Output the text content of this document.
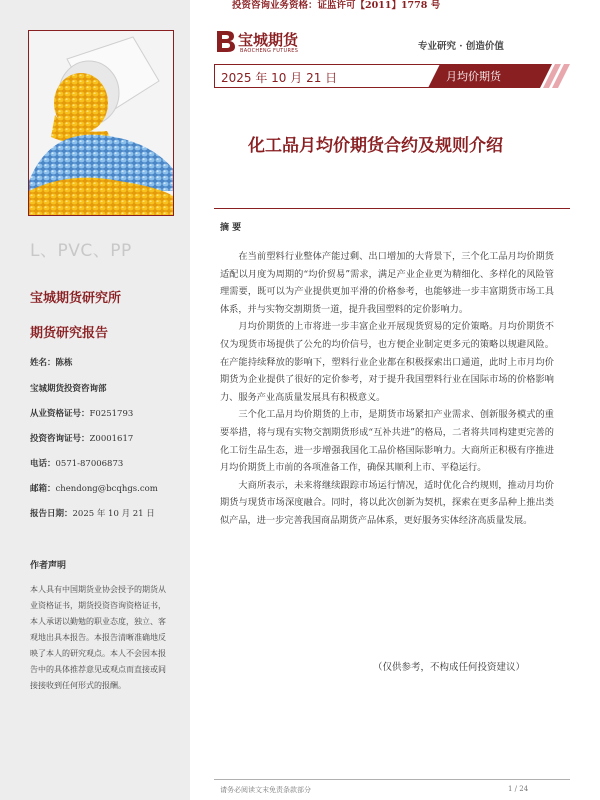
L、PVC、PP
宝城期货研究所
期货研究报告
姓名：陈栋
宝城期货投资咨询部
从业资格证号：F0251793
投资咨询证号：Z0001617
电话：0571-87006873
邮箱：chendong@bcqhgs.com
报告日期：2025 年 10 月 21 日
作者声明
本人具有中国期货业协会授予的期货从业资格证书，期货投资咨询资格证书，本人承诺以勤勉的职业态度，独立、客观地出具本报告。本报告清晰准确地反映了本人的研究观点。本人不会因本报告中的具体推荐意见或观点而直接或间接接收到任何形式的报酬。
投资咨询业务资格：证监许可【2011】1778 号
宝城期货
BAOCHENG FUTURES	专业研究 · 创造价值
2025 年 10 月 21 日	月均价期货
化工品月均价期货合约及规则介绍
摘 要

在当前塑料行业整体产能过剩、出口增加的大背景下，三个化工品月均价期货适配以月度为周期的“均价贸易”需求，满足产业企业更为精细化、多样化的风险管理需要，既可以为产业提供更加平滑的价格参考，也能够进一步丰富期货市场工具体系，并与实物交割期货一道，提升我国塑料的定价影响力。

月均价期货的上市将进一步丰富企业开展现货贸易的定价策略。月均价期货不仅为现货市场提供了公允的均价信号，也方便企业制定更多元的策略以规避风险。在产能持续释放的影响下，塑料行业企业都在积极探索出口通道，此时上市月均价期货为企业提供了很好的定价参考，对于提升我国塑料行业在国际市场的价格影响力、服务产业高质量发展具有积极意义。

三个化工品月均价期货的上市，是期货市场紧扣产业需求、创新服务模式的重要举措，将与现有实物交割期货形成“互补共进”的格局，二者将共同构建更完善的化工衍生品生态，进一步增强我国化工品价格国际影响力。大商所正积极有序推进月均价期货上市前的各项准备工作，确保其顺利上市、平稳运行。

大商所表示，未来将继续跟踪市场运行情况，适时优化合约规则，推动月均价期货与现货市场深度融合。同时，将以此次创新为契机，探索在更多品种上推出类似产品，进一步完善我国商品期货产品体系，更好服务实体经济高质量发展。

（仅供参考，不构成任何投资建议）
请务必阅读文末免责条款部分	1 / 24
